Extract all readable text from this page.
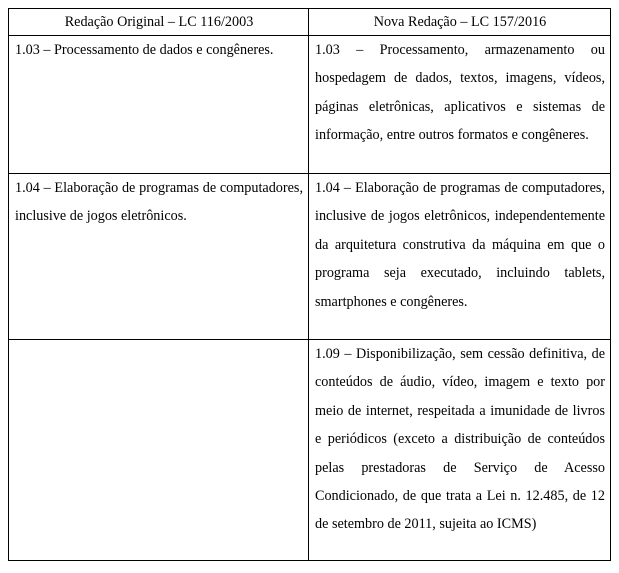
Redação Original – LC 116/2003	Nova Redação – LC 157/2016

1.03 – Processamento de dados e congêneres.	1.03 – Processamento, armazenamento ou hospedagem de dados, textos, imagens, vídeos, páginas eletrônicas, aplicativos e sistemas de informação, entre outros formatos e congêneres.

1.04 – Elaboração de programas de computadores, inclusive de jogos eletrônicos.	1.04 – Elaboração de programas de computadores, inclusive de jogos eletrônicos, independentemente da arquitetura construtiva da máquina em que o programa seja executado, incluindo tablets, smartphones e congêneres.

	1.09 – Disponibilização, sem cessão definitiva, de conteúdos de áudio, vídeo, imagem e texto por meio de internet, respeitada a imunidade de livros e periódicos (exceto a distribuição de conteúdos pelas prestadoras de Serviço de Acesso Condicionado, de que trata a Lei n. 12.485, de 12 de setembro de 2011, sujeita ao ICMS)
